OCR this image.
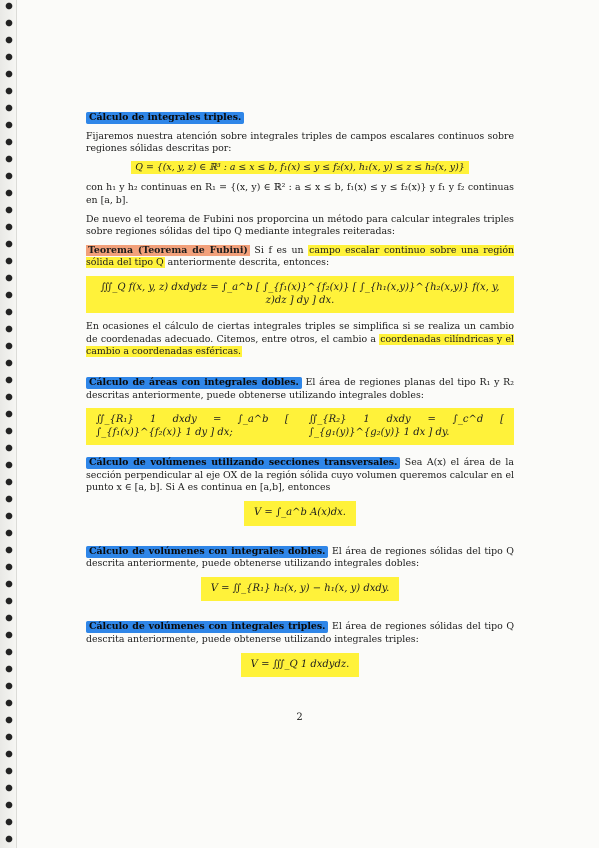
Cálculo de integrales triples.

Fijaremos nuestra atención sobre integrales triples de campos escalares continuos sobre regiones sólidas descritas por:

Q = {(x, y, z) ∈ ℝ³ : a ≤ x ≤ b, f₁(x) ≤ y ≤ f₂(x), h₁(x, y) ≤ z ≤ h₂(x, y)}

con h₁ y h₂ continuas en R₁ = {(x, y) ∈ ℝ² : a ≤ x ≤ b, f₁(x) ≤ y ≤ f₂(x)} y f₁ y f₂ continuas en [a, b].

De nuevo el teorema de Fubini nos proporcina un método para calcular integrales triples sobre regiones sólidas del tipo Q mediante integrales reiteradas:

Teorema (Teorema de Fubini) Si f es un campo escalar continuo sobre una región sólida del tipo Q anteriormente descrita, entonces:

∭_Q f(x, y, z) dxdydz = ∫_a^b [ ∫_{f₁(x)}^{f₂(x)} [ ∫_{h₁(x,y)}^{h₂(x,y)} f(x, y, z)dz ] dy ] dx.

En ocasiones el cálculo de ciertas integrales triples se simplifica si se realiza un cambio de coordenadas adecuado. Citemos, entre otros, el cambio a coordenadas cilíndricas y el cambio a coordenadas esféricas.

Cálculo de áreas con integrales dobles. El área de regiones planas del tipo R₁ y R₂ descritas anteriormente, puede obtenerse utilizando integrales dobles:

∬_{R₁} 1 dxdy = ∫_a^b [ ∫_{f₁(x)}^{f₂(x)} 1 dy ] dx;
∬_{R₂} 1 dxdy = ∫_c^d [ ∫_{g₁(y)}^{g₂(y)} 1 dx ] dy.

Cálculo de volúmenes utilizando secciones transversales. Sea A(x) el área de la sección perpendicular al eje OX de la región sólida cuyo volumen queremos calcular en el punto x ∈ [a, b]. Si A es continua en [a,b], entonces

V = ∫_a^b A(x)dx.

Cálculo de volúmenes con integrales dobles. El área de regiones sólidas del tipo Q descrita anteriormente, puede obtenerse utilizando integrales dobles:

V = ∬_{R₁} h₂(x, y) − h₁(x, y) dxdy.

Cálculo de volúmenes con integrales triples. El área de regiones sólidas del tipo Q descrita anteriormente, puede obtenerse utilizando integrales triples:

V = ∭_Q 1 dxdydz.
2
